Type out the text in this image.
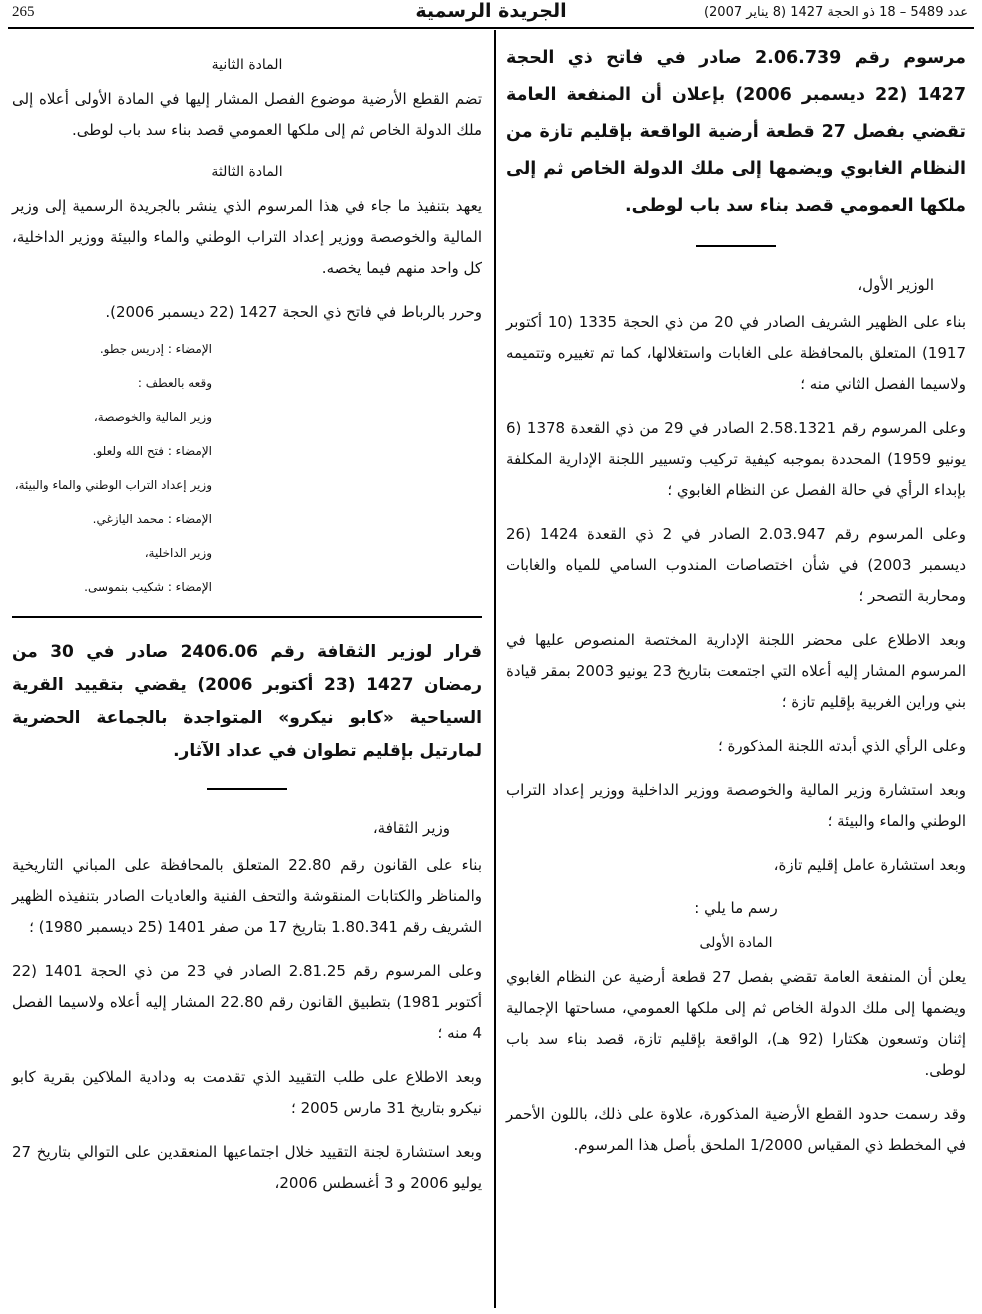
265	الجريدة الرسمية	عدد 5489 – 18 ذو الحجة 1427 (8 يناير 2007)

مرسوم رقم 2.06.739 صادر في فاتح ذي الحجة 1427 (22 ديسمبر 2006) بإعلان أن المنفعة العامة تقضي بفصل 27 قطعة أرضية الواقعة بإقليم تازة من النظام الغابوي ويضمها إلى ملك الدولة الخاص ثم إلى ملكها العمومي قصد بناء سد باب لوطى.

الوزير الأول،

بناء على الظهير الشريف الصادر في 20 من ذي الحجة 1335 (10 أكتوبر 1917) المتعلق بالمحافظة على الغابات واستغلالها، كما تم تغييره وتتميمه ولاسيما الفصل الثاني منه ؛

وعلى المرسوم رقم 2.58.1321 الصادر في 29 من ذي القعدة 1378 (6 يونيو 1959) المحددة بموجبه كيفية تركيب وتسيير اللجنة الإدارية المكلفة بإبداء الرأي في حالة الفصل عن النظام الغابوي ؛

وعلى المرسوم رقم 2.03.947 الصادر في 2 ذي القعدة 1424 (26 ديسمبر 2003) في شأن اختصاصات المندوب السامي للمياه والغابات ومحاربة التصحر ؛

وبعد الاطلاع على محضر اللجنة الإدارية المختصة المنصوص عليها في المرسوم المشار إليه أعلاه التي اجتمعت بتاريخ 23 يونيو 2003 بمقر قيادة بني وراين الغربية بإقليم تازة ؛

وعلى الرأي الذي أبدته اللجنة المذكورة ؛

وبعد استشارة وزير المالية والخوصصة ووزير الداخلية ووزير إعداد التراب الوطني والماء والبيئة ؛

وبعد استشارة عامل إقليم تازة،

رسم ما يلي :

المادة الأولى

يعلن أن المنفعة العامة تقضي بفصل 27 قطعة أرضية عن النظام الغابوي ويضمها إلى ملك الدولة الخاص ثم إلى ملكها العمومي، مساحتها الإجمالية إثنان وتسعون هكتارا (92 هـ)، الواقعة بإقليم تازة، قصد بناء سد باب لوطى.

وقد رسمت حدود القطع الأرضية المذكورة، علاوة على ذلك، باللون الأحمر في المخطط ذي المقياس 1/2000 الملحق بأصل هذا المرسوم.

المادة الثانية

تضم القطع الأرضية موضوع الفصل المشار إليها في المادة الأولى أعلاه إلى ملك الدولة الخاص ثم إلى ملكها العمومي قصد بناء سد باب لوطى.

المادة الثالثة

يعهد بتنفيذ ما جاء في هذا المرسوم الذي ينشر بالجريدة الرسمية إلى وزير المالية والخوصصة ووزير إعداد التراب الوطني والماء والبيئة ووزير الداخلية، كل واحد منهم فيما يخصه.

وحرر بالرباط في فاتح ذي الحجة 1427 (22 ديسمبر 2006).

الإمضاء : إدريس جطو.

وقعه بالعطف :

وزير المالية والخوصصة،

الإمضاء : فتح الله ولعلو.

وزير إعداد التراب الوطني والماء والبيئة،

الإمضاء : محمد اليازغي.

وزير الداخلية،

الإمضاء : شكيب بنموسى.

قرار لوزير الثقافة رقم 2406.06 صادر في 30 من رمضان 1427 (23 أكتوبر 2006) يقضي بتقييد القرية السياحية «كابو نيكرو» المتواجدة بالجماعة الحضرية لمارتيل بإقليم تطوان في عداد الآثار.

وزير الثقافة،

بناء على القانون رقم 22.80 المتعلق بالمحافظة على المباني التاريخية والمناظر والكتابات المنقوشة والتحف الفنية والعاديات الصادر بتنفيذه الظهير الشريف رقم 1.80.341 بتاريخ 17 من صفر 1401 (25 ديسمبر 1980) ؛

وعلى المرسوم رقم 2.81.25 الصادر في 23 من ذي الحجة 1401 (22 أكتوبر 1981) بتطبيق القانون رقم 22.80 المشار إليه أعلاه ولاسيما الفصل 4 منه ؛

وبعد الاطلاع على طلب التقييد الذي تقدمت به ودادية الملاكين بقرية كابو نيكرو بتاريخ 31 مارس 2005 ؛

وبعد استشارة لجنة التقييد خلال اجتماعيها المنعقدين على التوالي بتاريخ 27 يوليو 2006 و 3 أغسطس 2006،
